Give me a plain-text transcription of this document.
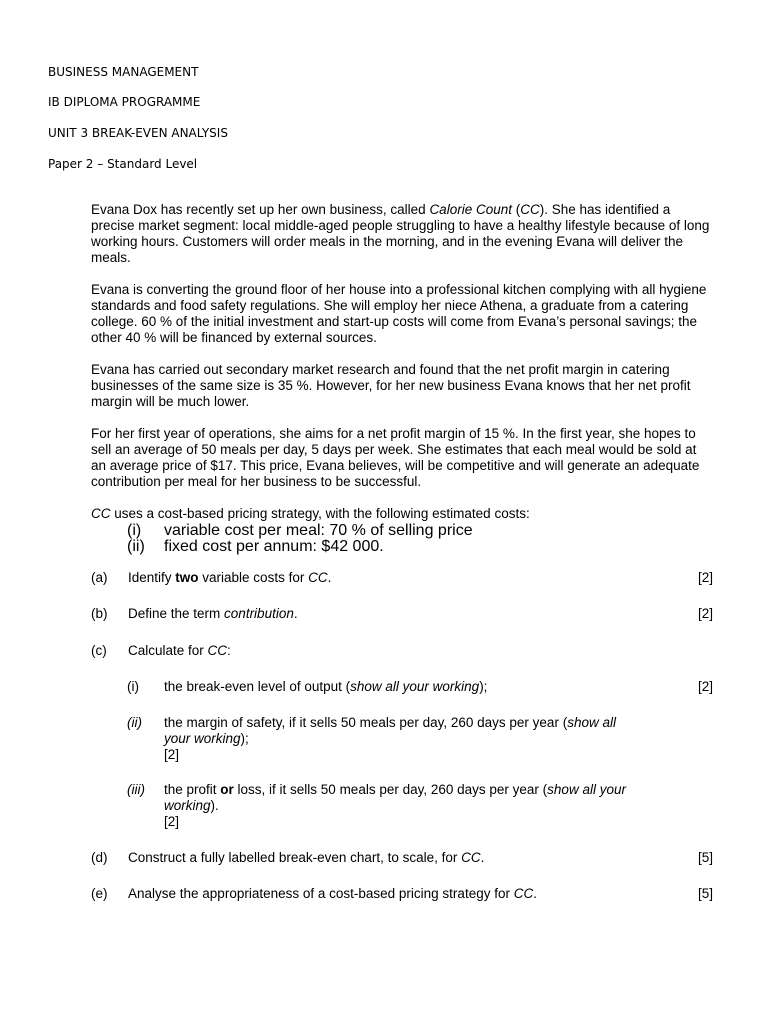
BUSINESS MANAGEMENT
IB DIPLOMA PROGRAMME
UNIT 3 BREAK-EVEN ANALYSIS
Paper 2 – Standard Level

Evana Dox has recently set up her own business, called Calorie Count (CC). She has identified a precise market segment: local middle-aged people struggling to have a healthy lifestyle because of long working hours. Customers will order meals in the morning, and in the evening Evana will deliver the meals.

Evana is converting the ground floor of her house into a professional kitchen complying with all hygiene standards and food safety regulations. She will employ her niece Athena, a graduate from a catering college. 60 % of the initial investment and start-up costs will come from Evana’s personal savings; the other 40 % will be financed by external sources.

Evana has carried out secondary market research and found that the net profit margin in catering businesses of the same size is 35 %. However, for her new business Evana knows that her net profit margin will be much lower.

For her first year of operations, she aims for a net profit margin of 15 %. In the first year, she hopes to sell an average of 50 meals per day, 5 days per week. She estimates that each meal would be sold at an average price of $17. This price, Evana believes, will be competitive and will generate an adequate contribution per meal for her business to be successful.

CC uses a cost-based pricing strategy, with the following estimated costs:

(i) variable cost per meal: 70 % of selling price
(ii) fixed cost per annum: $42 000.
(a) Identify two variable costs for CC.	[2]
(b) Define the term contribution.	[2]
(c) Calculate for CC:
(i) the break-even level of output (show all your working);	[2]
(ii) the margin of safety, if it sells 50 meals per day, 260 days per year (show all your working);
[2]
(iii) the profit or loss, if it sells 50 meals per day, 260 days per year (show all your working).
[2]
(d) Construct a fully labelled break-even chart, to scale, for CC.	[5]
(e) Analyse the appropriateness of a cost-based pricing strategy for CC.	[5]
